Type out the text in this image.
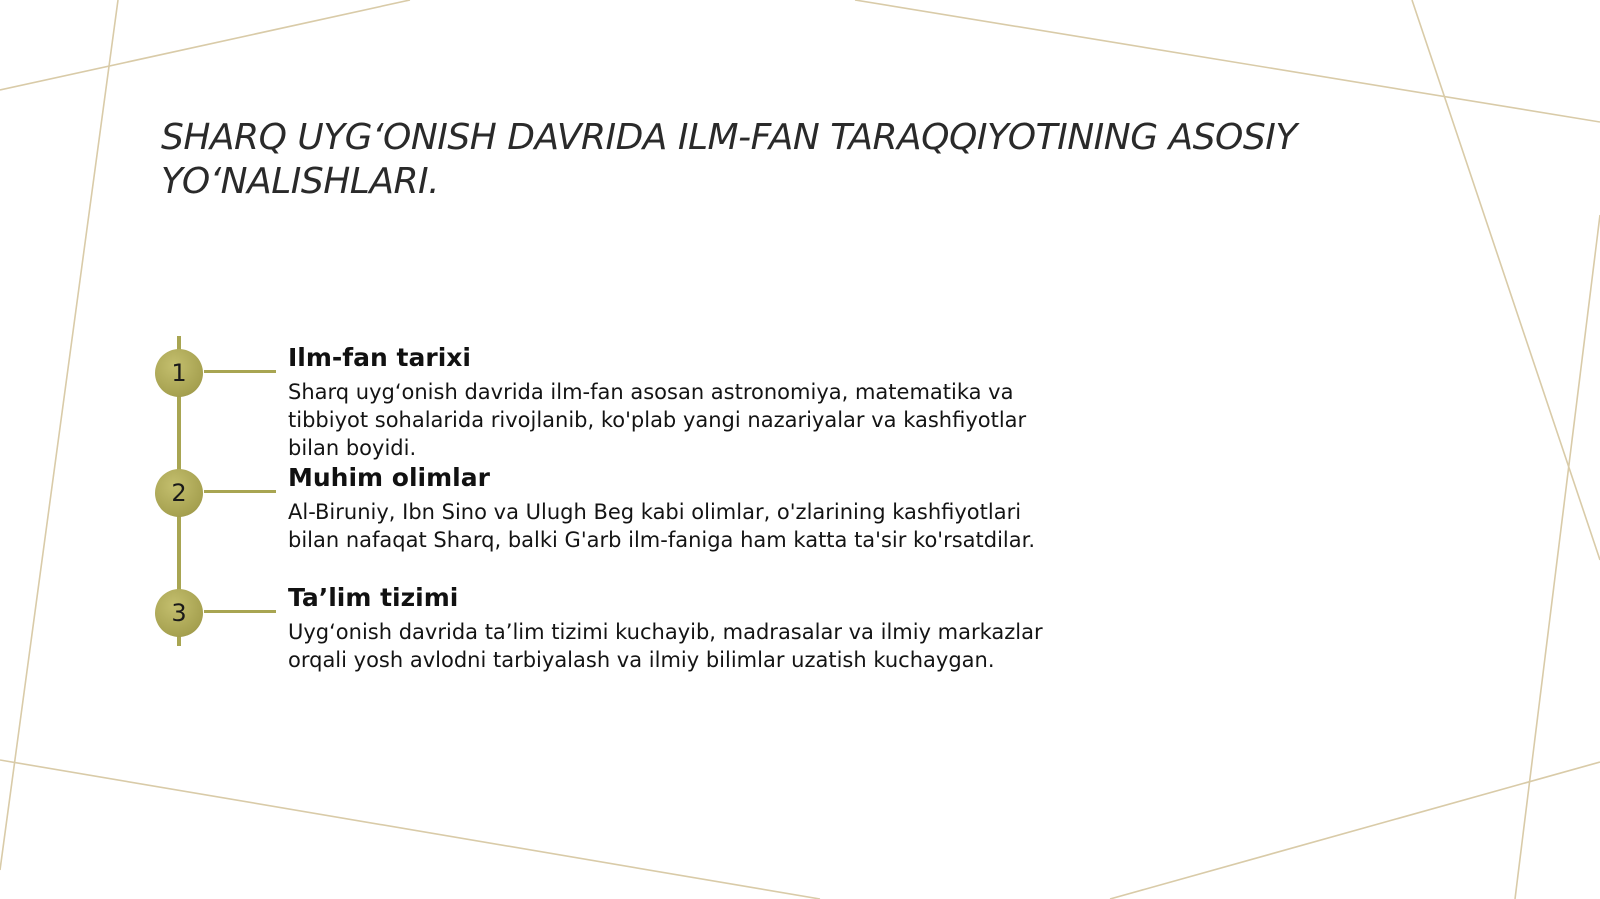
SHARQ UYG‘ONISH DAVRIDA ILM-FAN TARAQQIYOTINING ASOSIY YO‘NALISHLARI.
1
Ilm-fan tarixi

Sharq uyg‘onish davrida ilm-fan asosan astronomiya, matematika va tibbiyot sohalarida rivojlanib, ko'plab yangi nazariyalar va kashfiyotlar bilan boyidi.

2
Muhim olimlar

Al-Biruniy, Ibn Sino va Ulugh Beg kabi olimlar, o'zlarining kashfiyotlari bilan nafaqat Sharq, balki G'arb ilm-faniga ham katta ta'sir ko'rsatdilar.

3
Ta’lim tizimi

Uyg‘onish davrida ta’lim tizimi kuchayib, madrasalar va ilmiy markazlar orqali yosh avlodni tarbiyalash va ilmiy bilimlar uzatish kuchaygan.
